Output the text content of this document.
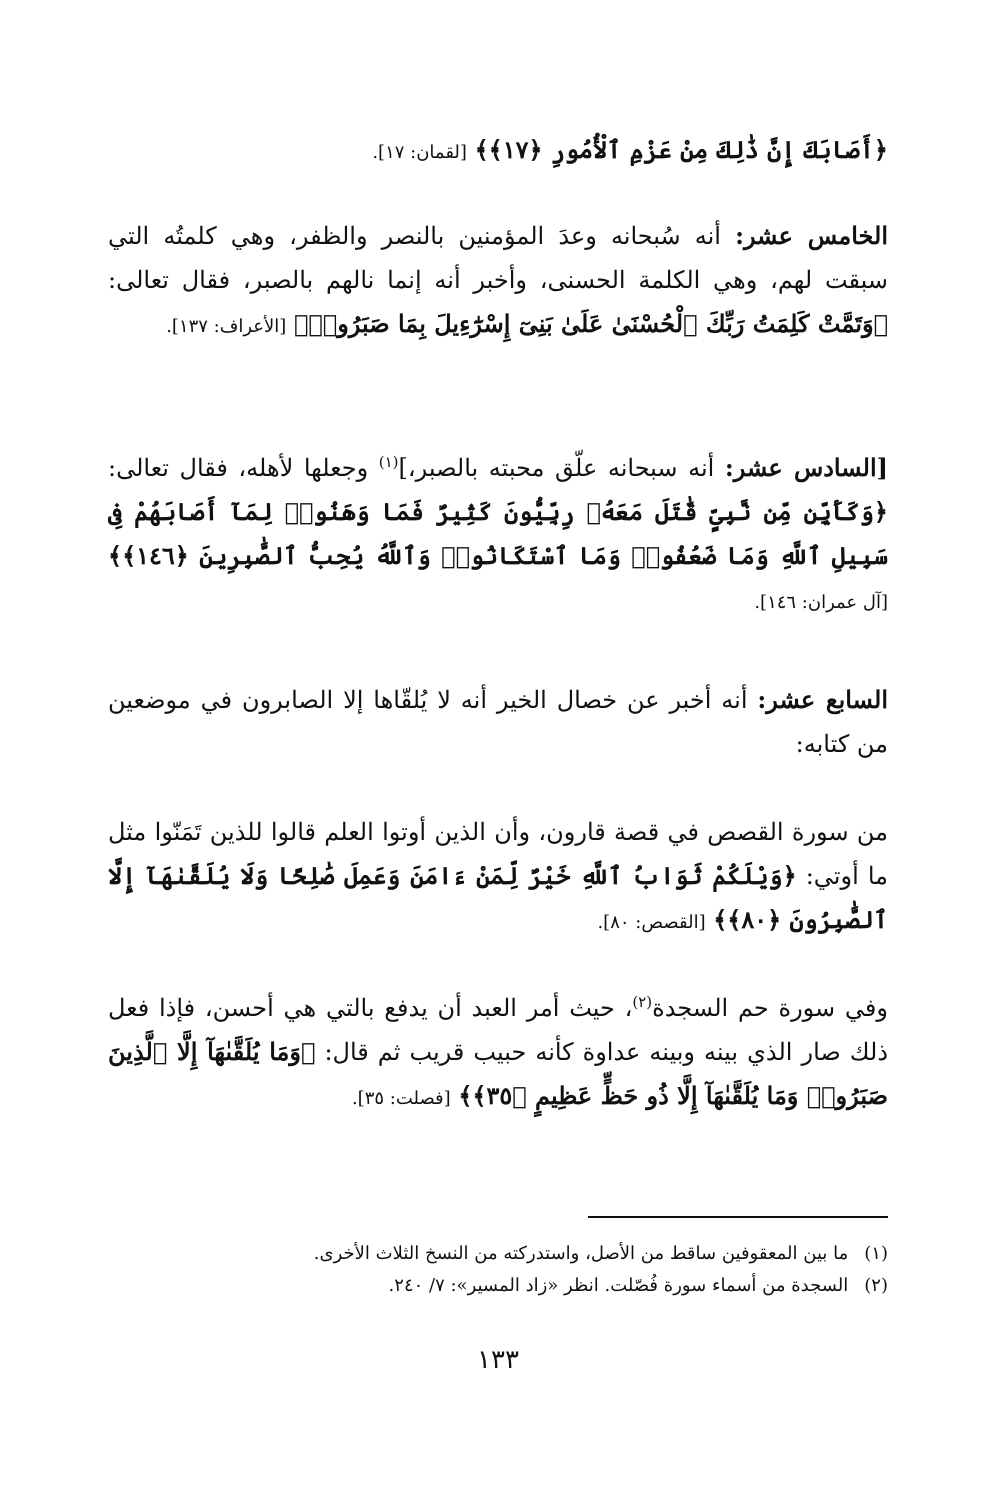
﴿أَصَابَكَ إِنَّ ذَٰلِكَ مِنْ عَزْمِ ٱلْأُمُورِ ﴿١٧﴾﴾ [لقمان: ١٧].

الخامس عشر: أنه سُبحانه وعدَ المؤمنين بالنصر والظفر، وهي كلمتُه التي سبقت لهم، وهي الكلمة الحسنى، وأخبر أنه إنما نالهم بالصبر، فقال تعالى: ﴿وَتَمَّتْ كَلِمَتُ رَبِّكَ ٱلْحُسْنَىٰ عَلَىٰ بَنِىٓ إِسْرَٰٓءِيلَ بِمَا صَبَرُوا۟﴾ [الأعراف: ١٣٧].

[السادس عشر: أنه سبحانه علّق محبته بالصبر،]$^{(١)}$ وجعلها لأهله، فقال تعالى: ﴿وَكَأَيِّن مِّن نَّبِىٍّ قَٰتَلَ مَعَهُۥ رِبِّيُّونَ كَثِيرٌ فَمَا وَهَنُوا۟ لِمَآ أَصَابَهُمْ فِى سَبِيلِ ٱللَّهِ وَمَا ضَعُفُوا۟ وَمَا ٱسْتَكَانُوا۟ وَٱللَّهُ يُحِبُّ ٱلصَّٰبِرِينَ ﴿١٤٦﴾﴾ [آل عمران: ١٤٦].

السابع عشر: أنه أخبر عن خصال الخير أنه لا يُلقّاها إلا الصابرون في موضعين من كتابه:

من سورة القصص في قصة قارون، وأن الذين أوتوا العلم قالوا للذين تَمَنّوا مثل ما أوتي: ﴿وَيْلَكُمْ ثَوَابُ ٱللَّهِ خَيْرٌ لِّمَنْ ءَامَنَ وَعَمِلَ صَٰلِحًا وَلَا يُلَقَّىٰهَآ إِلَّا ٱلصَّٰبِرُونَ ﴿٨٠﴾﴾ [القصص: ٨٠].

وفي سورة حم السجدة$^{(٢)}$، حيث أمر العبد أن يدفع بالتي هي أحسن، فإذا فعل ذلك صار الذي بينه وبينه عداوة كأنه حبيب قريب ثم قال: ﴿وَمَا يُلَقَّىٰهَآ إِلَّا ٱلَّذِينَ صَبَرُوا۟ وَمَا يُلَقَّىٰهَآ إِلَّا ذُو حَظٍّ عَظِيمٍ ﴿٣٥﴾﴾ [فصلت: ٣٥].

(١) ما بين المعقوفين ساقط من الأصل، واستدركته من النسخ الثلاث الأخرى.

(٢) السجدة من أسماء سورة فُصّلت. انظر «زاد المسير»: ٧/ ٢٤٠.

١٣٣
